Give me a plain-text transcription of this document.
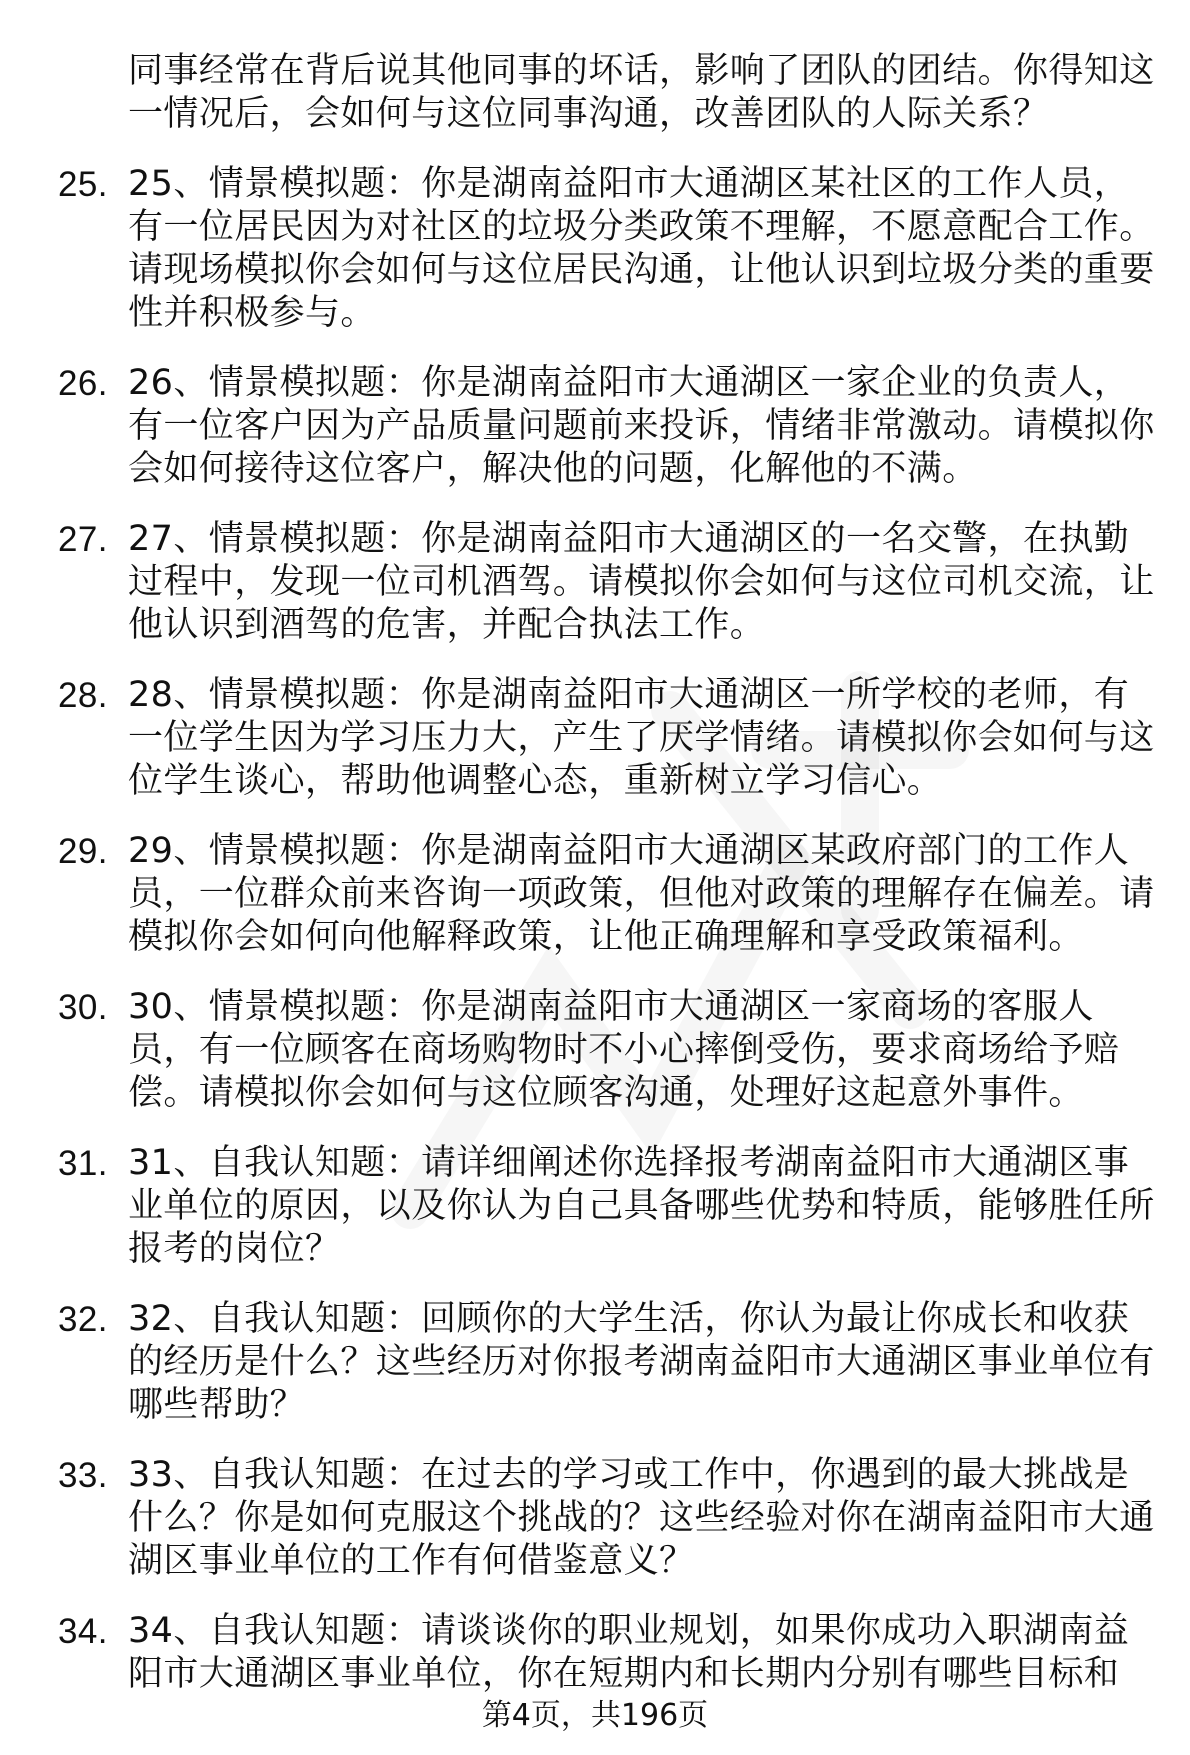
同事经常在背后说其他同事的坏话，影响了团队的团结。你得知这一情况后，会如何与这位同事沟通，改善团队的人际关系？
25. 25、情景模拟题：你是湖南益阳市大通湖区某社区的工作人员，有一位居民因为对社区的垃圾分类政策不理解，不愿意配合工作。请现场模拟你会如何与这位居民沟通，让他认识到垃圾分类的重要性并积极参与。
26. 26、情景模拟题：你是湖南益阳市大通湖区一家企业的负责人，有一位客户因为产品质量问题前来投诉，情绪非常激动。请模拟你会如何接待这位客户，解决他的问题，化解他的不满。
27. 27、情景模拟题：你是湖南益阳市大通湖区的一名交警，在执勤过程中，发现一位司机酒驾。请模拟你会如何与这位司机交流，让他认识到酒驾的危害，并配合执法工作。
28. 28、情景模拟题：你是湖南益阳市大通湖区一所学校的老师，有一位学生因为学习压力大，产生了厌学情绪。请模拟你会如何与这位学生谈心，帮助他调整心态，重新树立学习信心。
29. 29、情景模拟题：你是湖南益阳市大通湖区某政府部门的工作人员，一位群众前来咨询一项政策，但他对政策的理解存在偏差。请模拟你会如何向他解释政策，让他正确理解和享受政策福利。
30. 30、情景模拟题：你是湖南益阳市大通湖区一家商场的客服人员，有一位顾客在商场购物时不小心摔倒受伤，要求商场给予赔偿。请模拟你会如何与这位顾客沟通，处理好这起意外事件。
31. 31、自我认知题：请详细阐述你选择报考湖南益阳市大通湖区事业单位的原因，以及你认为自己具备哪些优势和特质，能够胜任所报考的岗位？
32. 32、自我认知题：回顾你的大学生活，你认为最让你成长和收获的经历是什么？这些经历对你报考湖南益阳市大通湖区事业单位有哪些帮助？
33. 33、自我认知题：在过去的学习或工作中，你遇到的最大挑战是什么？你是如何克服这个挑战的？这些经验对你在湖南益阳市大通湖区事业单位的工作有何借鉴意义？
34. 34、自我认知题：请谈谈你的职业规划，如果你成功入职湖南益阳市大通湖区事业单位，你在短期内和长期内分别有哪些目标和
第4页，共196页
